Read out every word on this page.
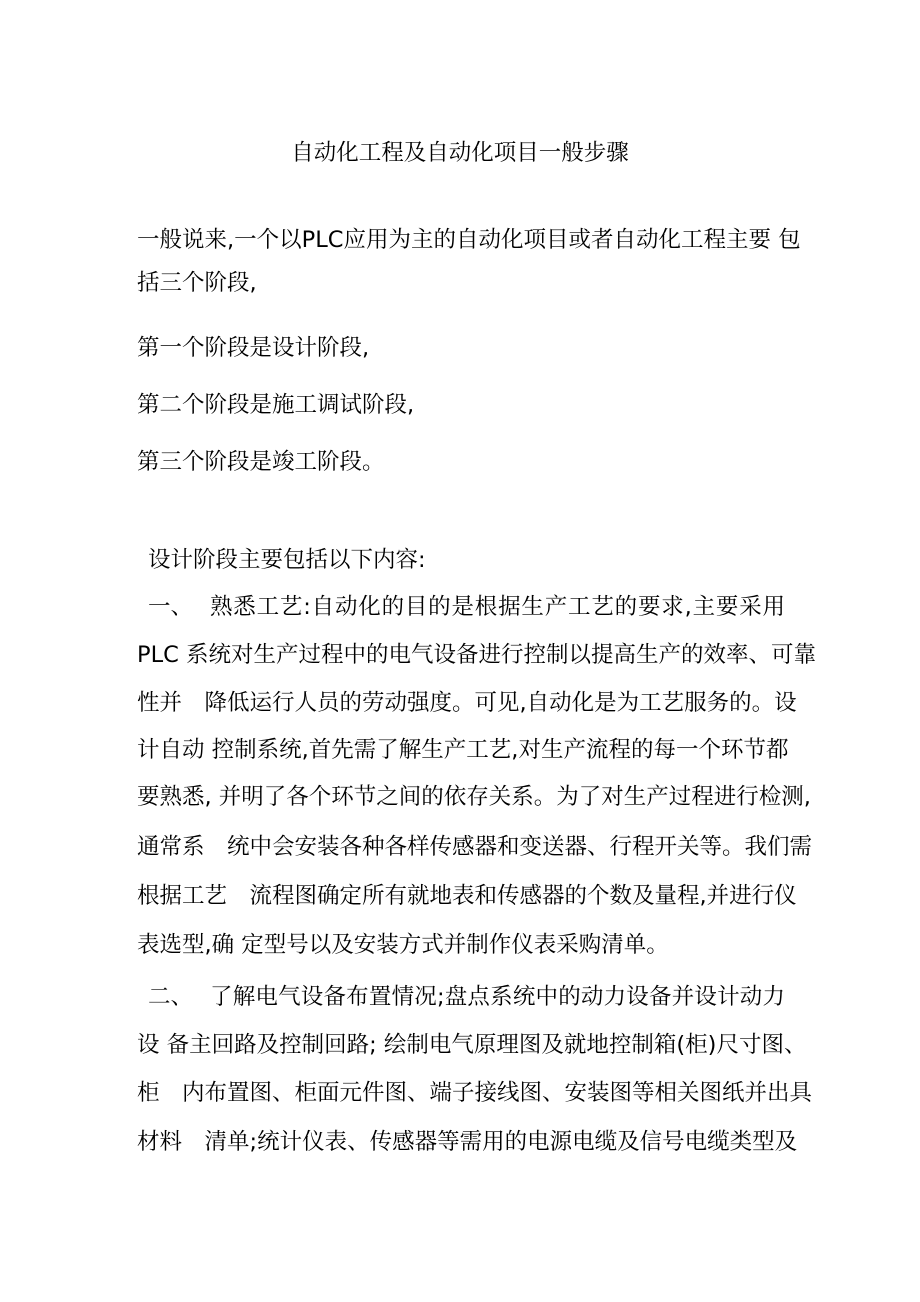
自动化工程及自动化项目一般步骤
一般说来,一个以PLC应用为主的自动化项目或者自动化工程主要 包
括三个阶段,
第一个阶段是设计阶段,
第二个阶段是施工调试阶段,
第三个阶段是竣工阶段。
设计阶段主要包括以下内容:
一、 熟悉工艺:自动化的目的是根据生产工艺的要求,主要采用
PLC 系统对生产过程中的电气设备进行控制以提高生产的效率、可靠
性并　降低运行人员的劳动强度。可见,自动化是为工艺服务的。设
计自动 控制系统,首先需了解生产工艺,对生产流程的每一个环节都
要熟悉, 并明了各个环节之间的依存关系。为了对生产过程进行检测,
通常系　统中会安装各种各样传感器和变送器、行程开关等。我们需
根据工艺　流程图确定所有就地表和传感器的个数及量程,并进行仪
表选型,确 定型号以及安装方式并制作仪表采购清单。
二、 了解电气设备布置情况;盘点系统中的动力设备并设计动力
设 备主回路及控制回路; 绘制电气原理图及就地控制箱(柜)尺寸图、
柜　内布置图、柜面元件图、端子接线图、安装图等相关图纸并出具
材料　清单;统计仪表、传感器等需用的电源电缆及信号电缆类型及
